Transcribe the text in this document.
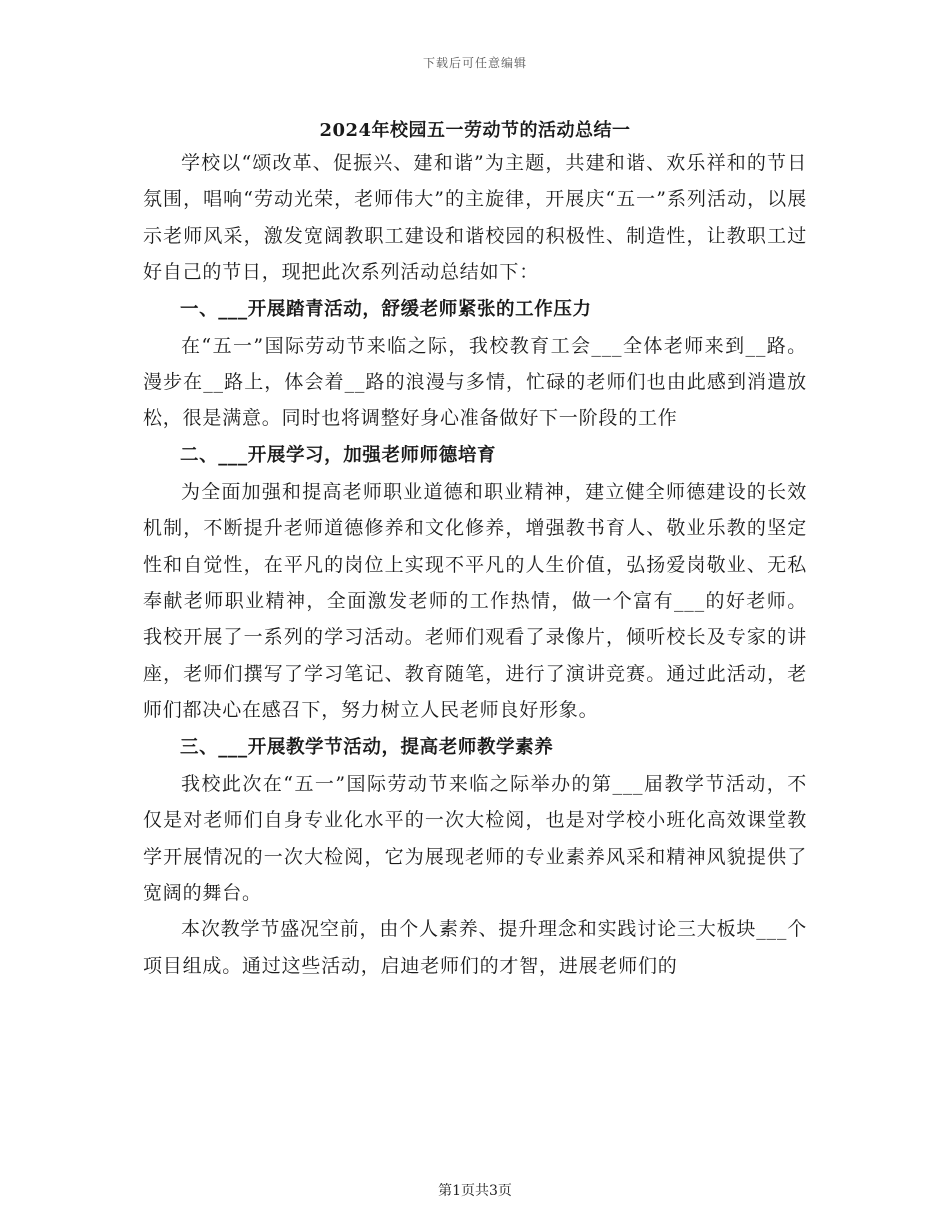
下载后可任意编辑
2024年校园五一劳动节的活动总结一

学校以“颂改革、促振兴、建和谐”为主题，共建和谐、欢乐祥和的节日氛围，唱响“劳动光荣，老师伟大”的主旋律，开展庆“五一”系列活动，以展示老师风采，激发宽阔教职工建设和谐校园的积极性、制造性，让教职工过好自己的节日，现把此次系列活动总结如下：

一、___开展踏青活动，舒缓老师紧张的工作压力

在“五一”国际劳动节来临之际，我校教育工会___全体老师来到__路。漫步在__路上，体会着__路的浪漫与多情，忙碌的老师们也由此感到消遣放松，很是满意。同时也将调整好身心准备做好下一阶段的工作

二、___开展学习，加强老师师德培育

为全面加强和提高老师职业道德和职业精神，建立健全师德建设的长效机制，不断提升老师道德修养和文化修养，增强教书育人、敬业乐教的坚定性和自觉性，在平凡的岗位上实现不平凡的人生价值，弘扬爱岗敬业、无私奉献老师职业精神，全面激发老师的工作热情，做一个富有___的好老师。我校开展了一系列的学习活动。老师们观看了录像片，倾听校长及专家的讲座，老师们撰写了学习笔记、教育随笔，进行了演讲竞赛。通过此活动，老师们都决心在感召下，努力树立人民老师良好形象。

三、___开展教学节活动，提高老师教学素养

我校此次在“五一”国际劳动节来临之际举办的第___届教学节活动，不仅是对老师们自身专业化水平的一次大检阅，也是对学校小班化高效课堂教学开展情况的一次大检阅，它为展现老师的专业素养风采和精神风貌提供了宽阔的舞台。

本次教学节盛况空前，由个人素养、提升理念和实践讨论三大板块___个项目组成。通过这些活动，启迪老师们的才智，进展老师们的

第1页共3页
